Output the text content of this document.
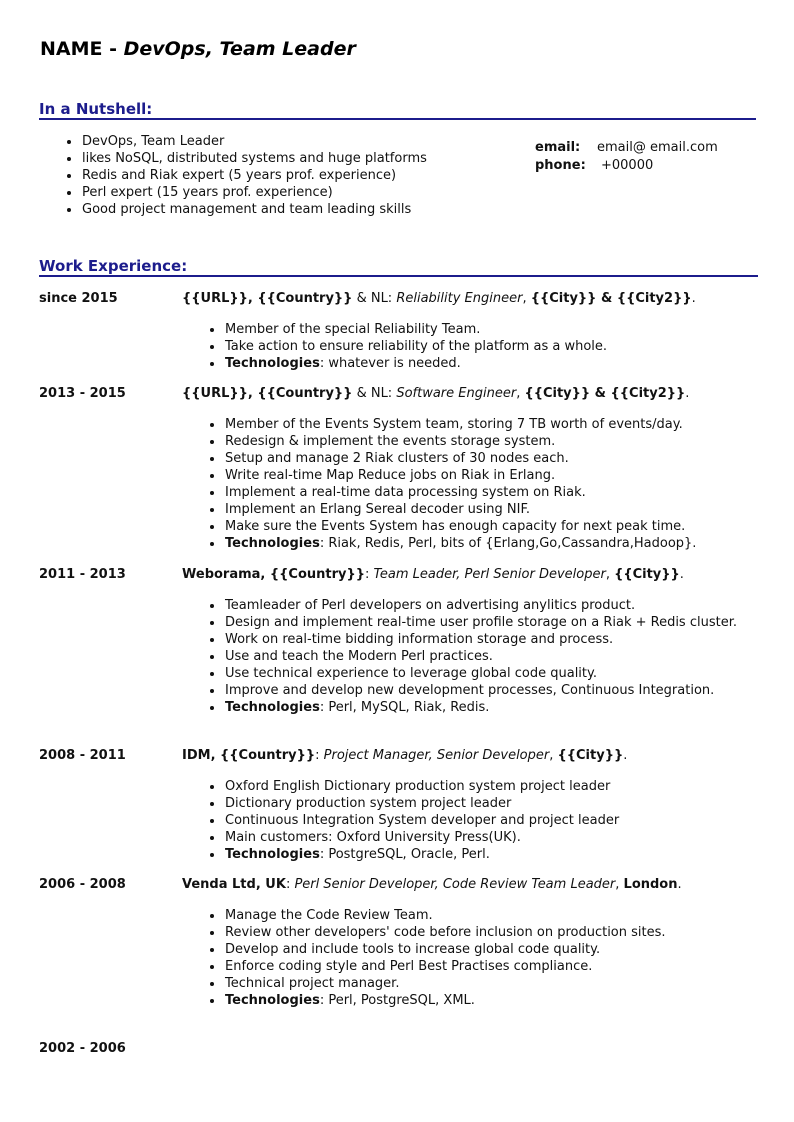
NAME - DevOps, Team Leader
In a Nutshell:
DevOps, Team Leader
likes NoSQL, distributed systems and huge platforms
Redis and Riak expert (5 years prof. experience)
Perl expert (15 years prof. experience)
Good project management and team leading skills
email: email@ email.com
phone: +00000
Work Experience:
since 2015	{{URL}}, {{Country}} & NL: Reliability Engineer, {{City}} & {{City2}}.
Member of the special Reliability Team.
Take action to ensure reliability of the platform as a whole.
Technologies: whatever is needed.
2013 - 2015	{{URL}}, {{Country}} & NL: Software Engineer, {{City}} & {{City2}}.
Member of the Events System team, storing 7 TB worth of events/day.
Redesign & implement the events storage system.
Setup and manage 2 Riak clusters of 30 nodes each.
Write real-time Map Reduce jobs on Riak in Erlang.
Implement a real-time data processing system on Riak.
Implement an Erlang Sereal decoder using NIF.
Make sure the Events System has enough capacity for next peak time.
Technologies: Riak, Redis, Perl, bits of {Erlang,Go,Cassandra,Hadoop}.
2011 - 2013	Weborama, {{Country}}: Team Leader, Perl Senior Developer, {{City}}.
Teamleader of Perl developers on advertising anylitics product.
Design and implement real-time user profile storage on a Riak + Redis cluster.
Work on real-time bidding information storage and process.
Use and teach the Modern Perl practices.
Use technical experience to leverage global code quality.
Improve and develop new development processes, Continuous Integration.
Technologies: Perl, MySQL, Riak, Redis.
2008 - 2011	IDM, {{Country}}: Project Manager, Senior Developer, {{City}}.
Oxford English Dictionary production system project leader
Dictionary production system project leader
Continuous Integration System developer and project leader
Main customers: Oxford University Press(UK).
Technologies: PostgreSQL, Oracle, Perl.
2006 - 2008	Venda Ltd, UK: Perl Senior Developer, Code Review Team Leader, London.
Manage the Code Review Team.
Review other developers' code before inclusion on production sites.
Develop and include tools to increase global code quality.
Enforce coding style and Perl Best Practises compliance.
Technical project manager.
Technologies: Perl, PostgreSQL, XML.
2002 - 2006
